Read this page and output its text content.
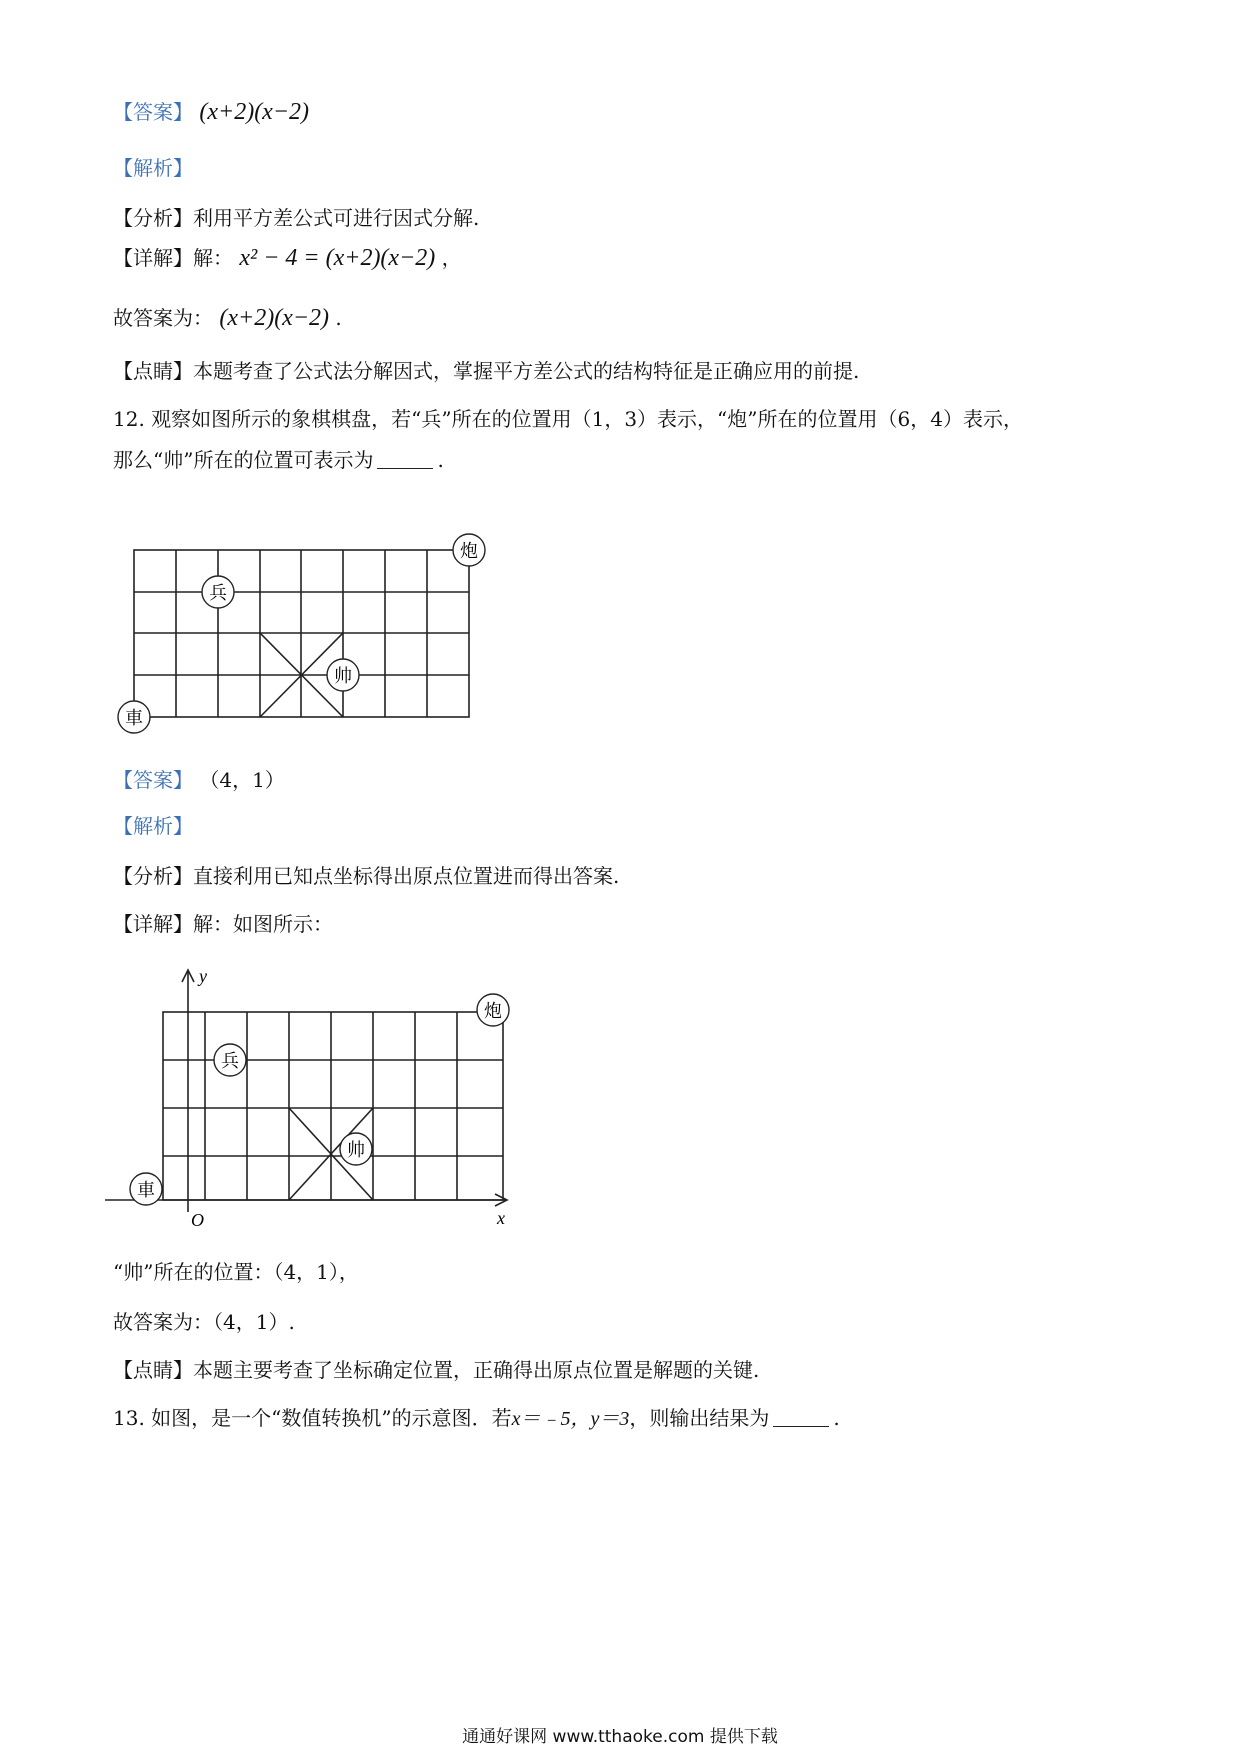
【答案】 (x+2)(x−2)
【解析】
【分析】利用平方差公式可进行因式分解.
【详解】解： x² − 4 = (x+2)(x−2) ，
故答案为： (x+2)(x−2) .
【点睛】本题考查了公式法分解因式，掌握平方差公式的结构特征是正确应用的前提.
12. 观察如图所示的象棋棋盘，若“兵”所在的位置用（1，3）表示，“炮”所在的位置用（6，4）表示，
那么“帅”所在的位置可表示为	.
炮
兵
帅
車
【答案】 （4，1）
【解析】
【分析】直接利用已知点坐标得出原点位置进而得出答案.
【详解】解：如图所示：
y
x
O
炮
兵
帅
車
“帅”所在的位置：（4，1），
故答案为：（4，1）.
【点睛】本题主要考查了坐标确定位置，正确得出原点位置是解题的关键.
13. 如图，是一个“数值转换机”的示意图．若x＝﹣5，y＝3，则输出结果为	.
通通好课网 www.tthaoke.com 提供下载
